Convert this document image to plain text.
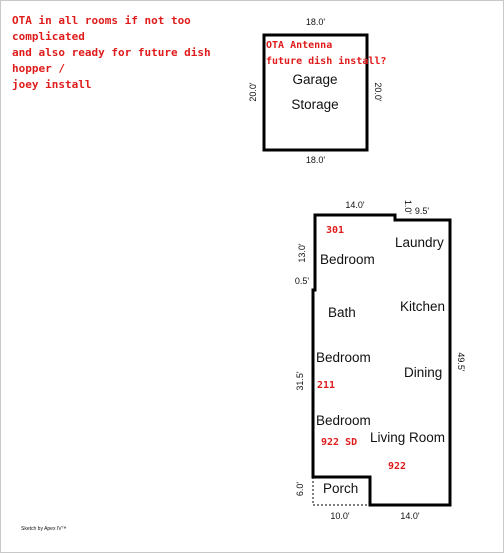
OTA in all rooms if not too complicated
and also ready for future dish hopper /
joey install
18.0'
18.0'
20.0'	20.0'
OTA Antenna
future dish install?
Garage
Storage
14.0'	1.0' 9.5'
13.0'
0.5'
31.5'
49.5'
6.0'
10.0'	14.0'
301
Bedroom
Laundry
Bath	Kitchen
Bedroom
211
Dining
Bedroom
922 SD Living Room
922
Porch
Sketch by Apex IV™
